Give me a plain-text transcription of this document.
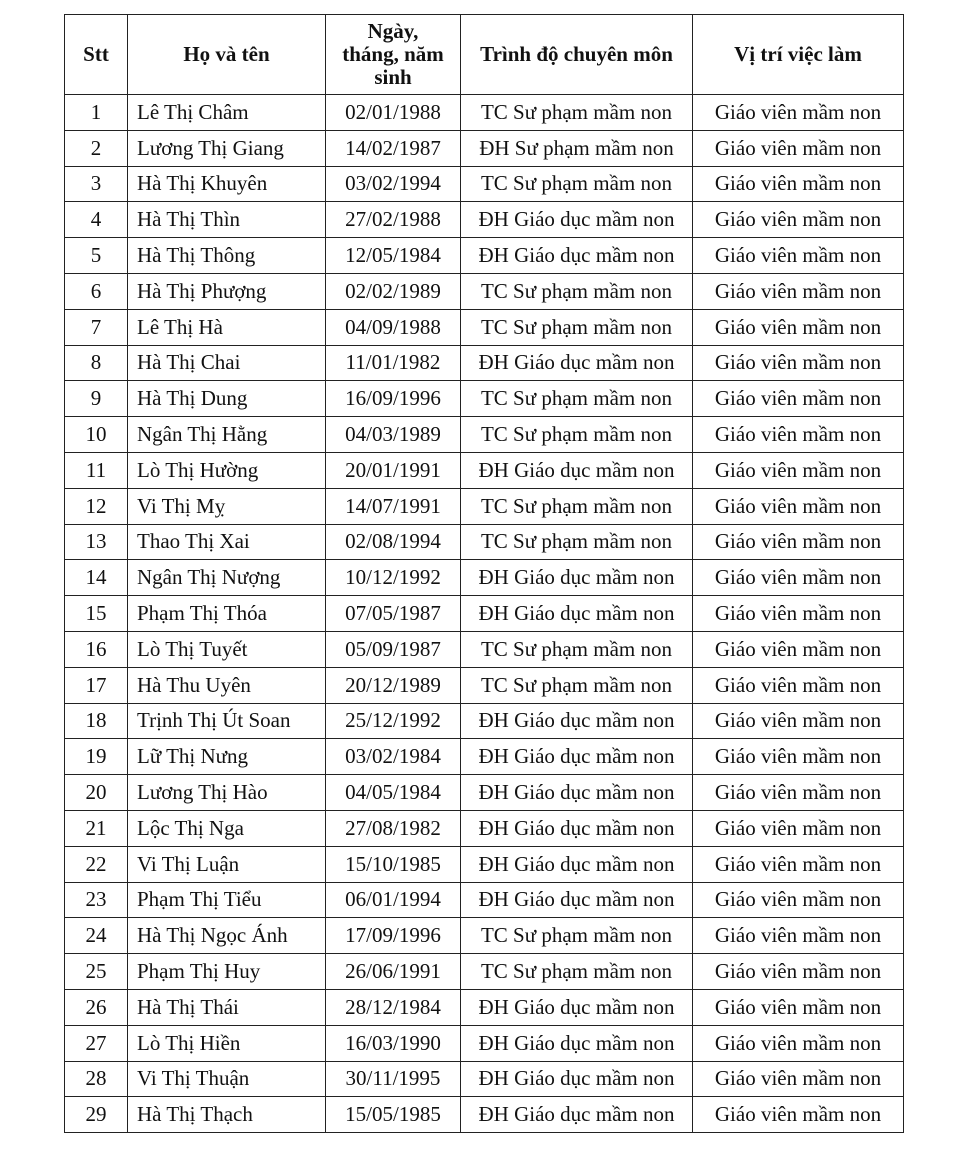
Stt	Họ và tên	Ngày,
tháng, năm
sinh	Trình độ chuyên môn	Vị trí việc làm
1	Lê Thị Châm	02/01/1988	TC Sư phạm mầm non	Giáo viên mầm non
2	Lương Thị Giang	14/02/1987	ĐH Sư phạm mầm non	Giáo viên mầm non
3	Hà Thị Khuyên	03/02/1994	TC Sư phạm mầm non	Giáo viên mầm non
4	Hà Thị Thìn	27/02/1988	ĐH Giáo dục mầm non	Giáo viên mầm non
5	Hà Thị Thông	12/05/1984	ĐH Giáo dục mầm non	Giáo viên mầm non
6	Hà Thị Phượng	02/02/1989	TC Sư phạm mầm non	Giáo viên mầm non
7	Lê Thị Hà	04/09/1988	TC Sư phạm mầm non	Giáo viên mầm non
8	Hà Thị Chai	11/01/1982	ĐH Giáo dục mầm non	Giáo viên mầm non
9	Hà Thị Dung	16/09/1996	TC Sư phạm mầm non	Giáo viên mầm non
10	Ngân Thị Hằng	04/03/1989	TC Sư phạm mầm non	Giáo viên mầm non
11	Lò Thị Hường	20/01/1991	ĐH Giáo dục mầm non	Giáo viên mầm non
12	Vi Thị Mỵ	14/07/1991	TC Sư phạm mầm non	Giáo viên mầm non
13	Thao Thị Xai	02/08/1994	TC Sư phạm mầm non	Giáo viên mầm non
14	Ngân Thị Nượng	10/12/1992	ĐH Giáo dục mầm non	Giáo viên mầm non
15	Phạm Thị Thóa	07/05/1987	ĐH Giáo dục mầm non	Giáo viên mầm non
16	Lò Thị Tuyết	05/09/1987	TC Sư phạm mầm non	Giáo viên mầm non
17	Hà Thu Uyên	20/12/1989	TC Sư phạm mầm non	Giáo viên mầm non
18	Trịnh Thị Út Soan	25/12/1992	ĐH Giáo dục mầm non	Giáo viên mầm non
19	Lữ Thị Nưng	03/02/1984	ĐH Giáo dục mầm non	Giáo viên mầm non
20	Lương Thị Hào	04/05/1984	ĐH Giáo dục mầm non	Giáo viên mầm non
21	Lộc Thị Nga	27/08/1982	ĐH Giáo dục mầm non	Giáo viên mầm non
22	Vi Thị Luận	15/10/1985	ĐH Giáo dục mầm non	Giáo viên mầm non
23	Phạm Thị Tiểu	06/01/1994	ĐH Giáo dục mầm non	Giáo viên mầm non
24	Hà Thị Ngọc Ánh	17/09/1996	TC Sư phạm mầm non	Giáo viên mầm non
25	Phạm Thị Huy	26/06/1991	TC Sư phạm mầm non	Giáo viên mầm non
26	Hà Thị Thái	28/12/1984	ĐH Giáo dục mầm non	Giáo viên mầm non
27	Lò Thị Hiền	16/03/1990	ĐH Giáo dục mầm non	Giáo viên mầm non
28	Vi Thị Thuận	30/11/1995	ĐH Giáo dục mầm non	Giáo viên mầm non
29	Hà Thị Thạch	15/05/1985	ĐH Giáo dục mầm non	Giáo viên mầm non
